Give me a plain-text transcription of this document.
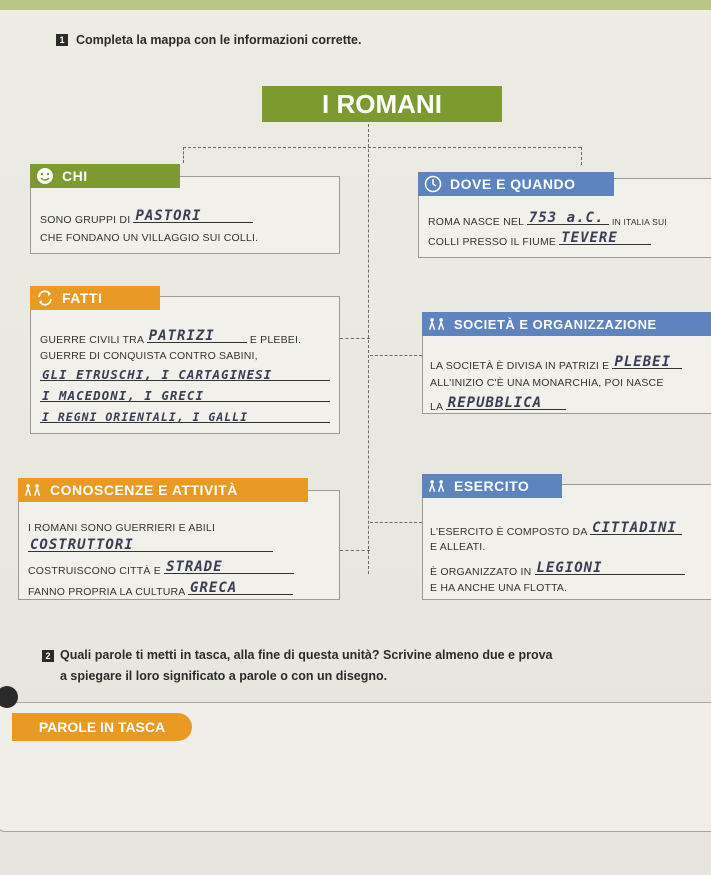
1 Completa la mappa con le informazioni corrette.
I ROMANI
CHI
SONO GRUPPI DI PASTORI
CHE FONDANO UN VILLAGGIO SUI COLLI.
DOVE E QUANDO
ROMA NASCE NEL 753 a.C. IN ITALIA SUI
COLLI PRESSO IL FIUME TEVERE
FATTI
GUERRE CIVILI TRA PATRIZI	E PLEBEI.
GUERRE DI CONQUISTA CONTRO SABINI,
GLI ETRUSCHI, I CARTAGINESI
I MACEDONI, I GRECI
I REGNI ORIENTALI, I GALLI
SOCIETÀ E ORGANIZZAZIONE
LA SOCIETÀ È DIVISA IN PATRIZI E PLEBEI
ALL'INIZIO C'È UNA MONARCHIA, POI NASCE
LA REPUBBLICA
CONOSCENZE E ATTIVITÀ
I ROMANI SONO GUERRIERI E ABILI
COSTRUTTORI
COSTRUISCONO CITTÀ E STRADE
FANNO PROPRIA LA CULTURA GRECA
ESERCITO
L'ESERCITO È COMPOSTO DA CITTADINI
E ALLEATI.
È ORGANIZZATO IN LEGIONI
E HA ANCHE UNA FLOTTA.
2 Quali parole ti metti in tasca, alla fine di questa unità? Scrivine almeno due e prova
a spiegare il loro significato a parole o con un disegno.
PAROLE IN TASCA
